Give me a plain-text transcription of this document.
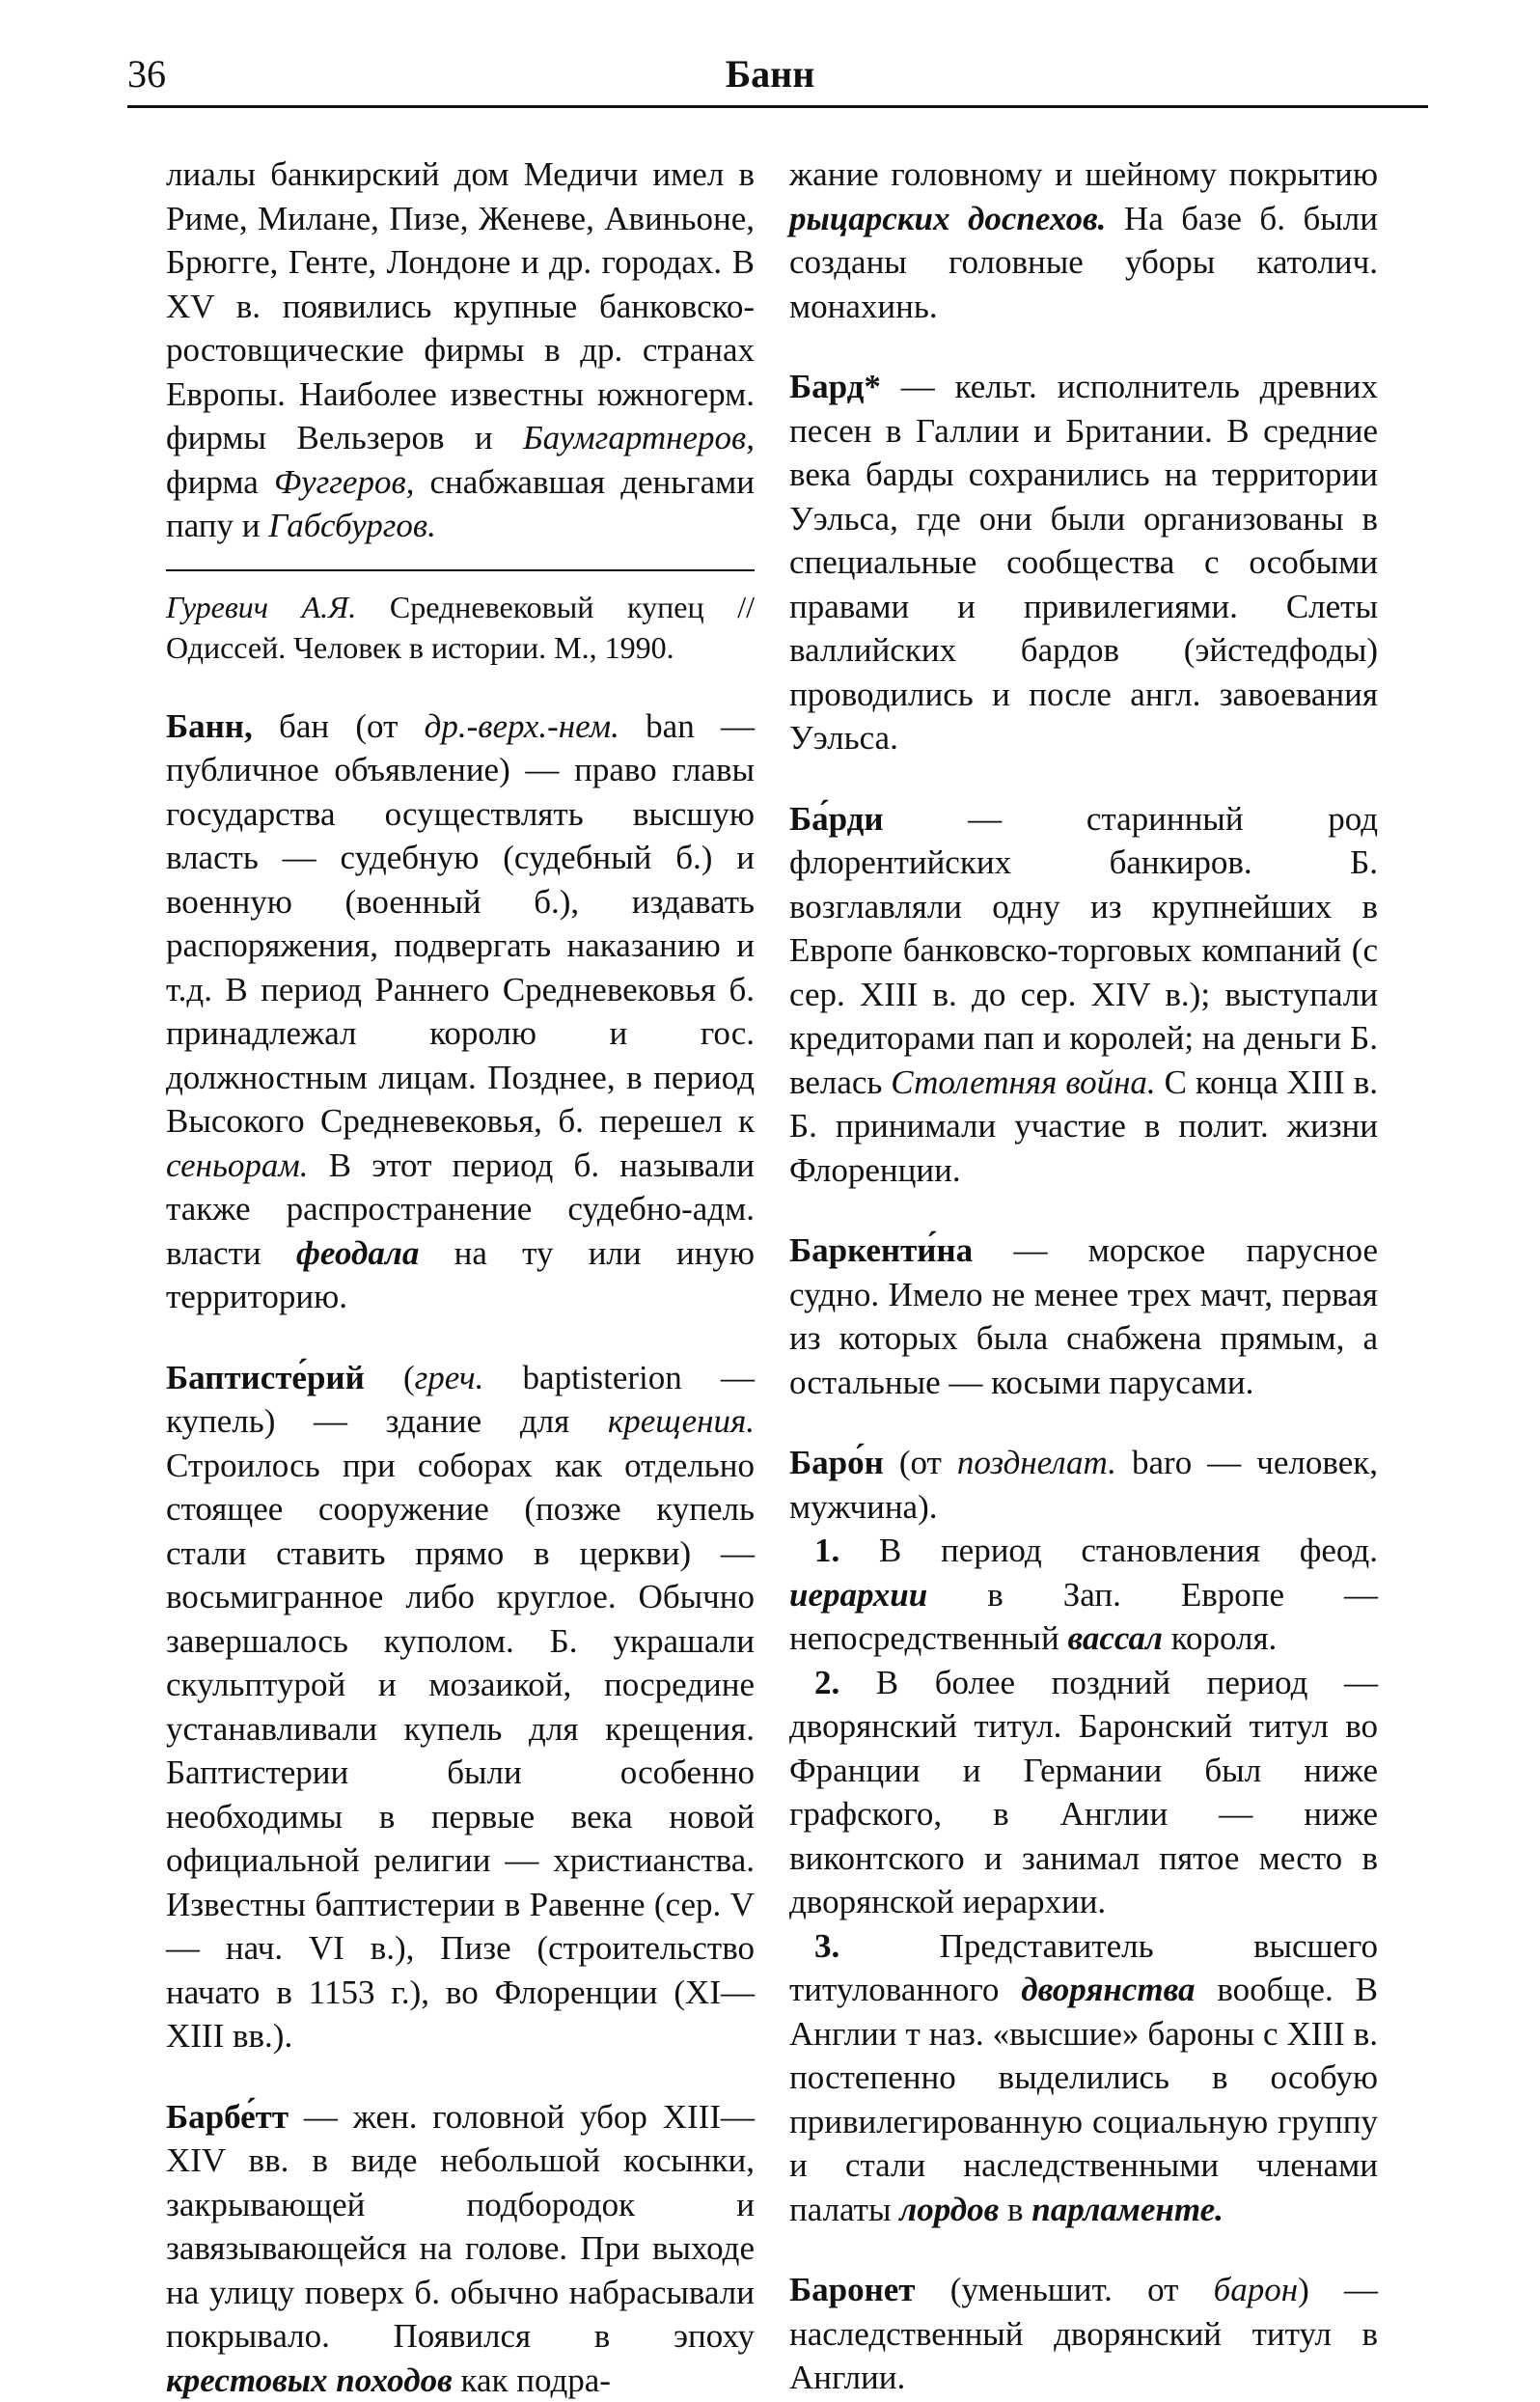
36	Банн

лиалы банкирский дом Медичи имел в Риме, Милане, Пизе, Женеве, Авиньоне, Брюгге, Генте, Лондоне и др. городах. В XV в. появились крупные банковско-ростовщические фирмы в др. странах Европы. Наиболее известны южногерм. фирмы Вельзеров и Баумгартнеров, фирма Фуггеров, снабжавшая деньгами папу и Габсбургов.

Гуревич А.Я. Средневековый купец // Одиссей. Человек в истории. М., 1990.

Банн, бан (от др.-верх.-нем. ban — публичное объявление) — право главы государства осуществлять высшую власть — судебную (судебный б.) и военную (военный б.), издавать распоряжения, подвергать наказанию и т.д. В период Раннего Средневековья б. принадлежал королю и гос. должностным лицам. Позднее, в период Высокого Средневековья, б. перешел к сеньорам. В этот период б. называли также распространение судебно-адм. власти феодала на ту или иную территорию.

Баптисте́рий (греч. baptisterion — купель) — здание для крещения. Строилось при соборах как отдельно стоящее сооружение (позже купель стали ставить прямо в церкви) — восьмигранное либо круглое. Обычно завершалось куполом. Б. украшали скульптурой и мозаикой, посредине устанавливали купель для крещения. Баптистерии были особенно необходимы в первые века новой официальной религии — христианства. Известны баптистерии в Равенне (сер. V — нач. VI в.), Пизе (строительство начато в 1153 г.), во Флоренции (XI—XIII вв.).

Барбе́тт — жен. головной убор XIII—XIV вв. в виде небольшой косынки, закрывающей подбородок и завязывающейся на голове. При выходе на улицу поверх б. обычно набрасывали покрывало. Появился в эпоху крестовых походов как подра-

жание головному и шейному покрытию рыцарских доспехов. На базе б. были созданы головные уборы католич. монахинь.

Бард* — кельт. исполнитель древних песен в Галлии и Британии. В средние века барды сохранились на территории Уэльса, где они были организованы в специальные сообщества с особыми правами и привилегиями. Слеты валлийских бардов (эйстедфоды) проводились и после англ. завоевания Уэльса.

Ба́рди — старинный род флорентийских банкиров. Б. возглавляли одну из крупнейших в Европе банковско-торговых компаний (с сер. XIII в. до сер. XIV в.); выступали кредиторами пап и королей; на деньги Б. велась Столетняя война. С конца XIII в. Б. принимали участие в полит. жизни Флоренции.

Баркенти́на — морское парусное судно. Имело не менее трех мачт, первая из которых была снабжена прямым, а остальные — косыми парусами.

Баро́н (от позднелат. baro — человек, мужчина).

1. В период становления феод. иерархии в Зап. Европе — непосредственный вассал короля.

2. В более поздний период — дворянский титул. Баронский титул во Франции и Германии был ниже графского, в Англии — ниже виконтского и занимал пятое место в дворянской иерархии.

3. Представитель высшего титулованного дворянства вообще. В Англии т наз. «высшие» бароны с XIII в. постепенно выделились в особую привилегированную социальную группу и стали наследственными членами палаты лордов в парламенте.

Баронет (уменьшит. от барон) — наследственный дворянский титул в Англии.
